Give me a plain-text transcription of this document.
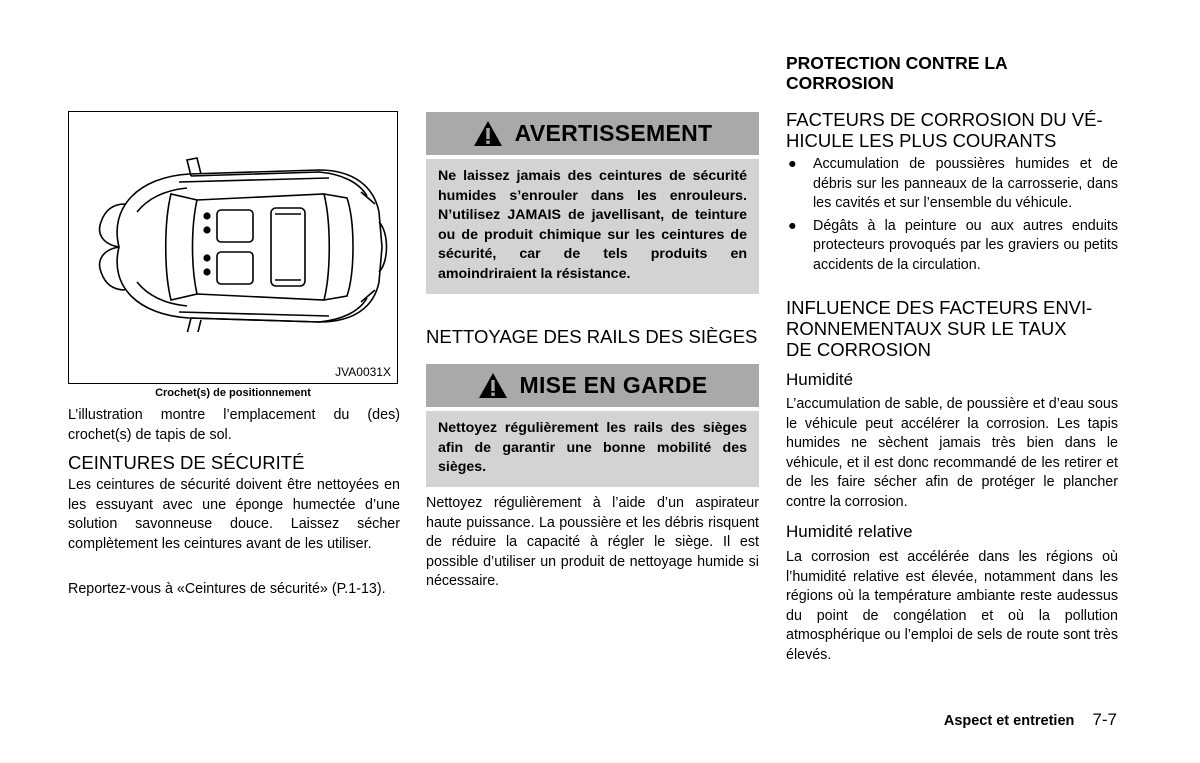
JVA0031X
Crochet(s) de positionnement

L’illustration montre l’emplacement du (des) crochet(s) de tapis de sol.

CEINTURES DE SÉCURITÉ

Les ceintures de sécurité doivent être nettoyées en les essuyant avec une éponge humectée d’une solution savonneuse douce. Laissez sécher complètement les ceintures avant de les utiliser.

Reportez-vous à «Ceintures de sécurité» (P.1-13).

AVERTISSEMENT
Ne laissez jamais des ceintures de sécurité humides s’enrouler dans les enrouleurs. N’utilisez JAMAIS de javellisant, de teinture ou de produit chimique sur les ceintures de sécurité, car de tels produits en amoindriraient la résistance.
NETTOYAGE DES RAILS DES SIÈGES
MISE EN GARDE
Nettoyez régulièrement les rails des sièges afin de garantir une bonne mobilité des sièges.

Nettoyez régulièrement à l’aide d’un aspirateur haute puissance. La poussière et les débris risquent de réduire la capacité à régler le siège. Il est possible d’utiliser un produit de nettoyage humide si nécessaire.

PROTECTION CONTRE LA CORROSION
FACTEURS DE CORROSION DU VÉHICULE LES PLUS COURANTS
● Accumulation de poussières humides et de débris sur les panneaux de la carrosserie, dans les cavités et sur l’ensemble du véhicule.
● Dégâts à la peinture ou aux autres enduits protecteurs provoqués par les graviers ou petits accidents de la circulation.
INFLUENCE DES FACTEURS ENVIRONNEMENTAUX SUR LE TAUX DE CORROSION
Humidité

L’accumulation de sable, de poussière et d’eau sous le véhicule peut accélérer la corrosion. Les tapis humides ne sèchent jamais très bien dans le véhicule, et il est donc recommandé de les retirer et de les faire sécher afin de protéger le plancher contre la corrosion.

Humidité relative

La corrosion est accélérée dans les régions où l’humidité relative est élevée, notamment dans les régions où la température ambiante reste audessus du point de congélation et où la pollution atmosphérique ou l’emploi de sels de route sont très élevés.

Aspect et entretien 7-7
